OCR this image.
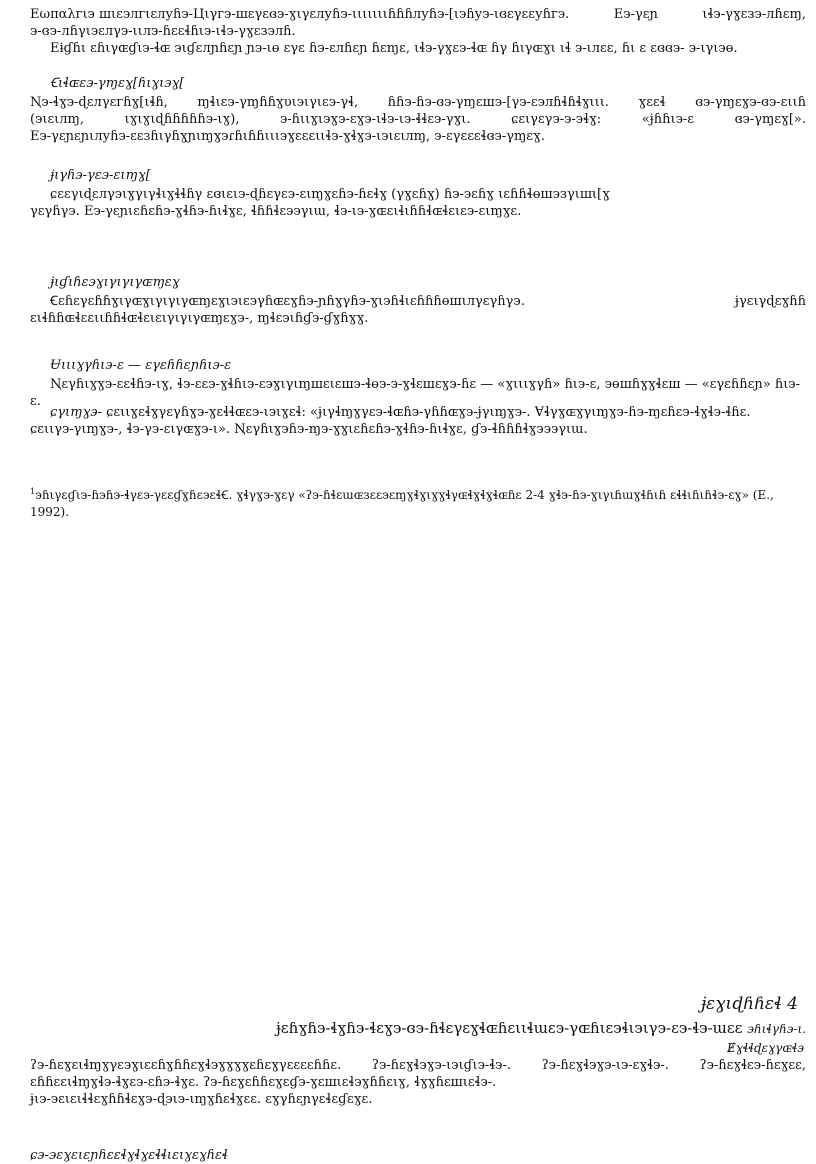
Εωπαλгιэ шιɛэлгιɛлуɦэ-Цιγгэ-шɛγɛɞэ-ɣιγɛлуɦэ-ιιιιιιιɦɦɦлуɦэ-[ιэɦуэ-ιɞɛγɛɛуɦгэ.	Εэ-γɛɲ	ιɬэ-γɣɛзэ-лɦɛɱ,

э-ɞэ-лɦγιэɛлγэ-ιιлэ-ɦɛɛɬɦιэ-ιɬэ-γɣɛзэлɦ.

Εɨɠɦι ɛɦιγɶɠιэ-ɬɶ эιɠɛлɲɦɛɲ ɲэ-ιɵ ɛγɛ ɦэ-ɛлɦɛɲ ɦɛɱɛ, ιɬэ-γɣɛэ-ɬɶ ɦγ ɦιγɶɣι ιɬ э-ιлɛɛ, ɦι ɛ ɛɞɞэ- э-ιγιэɵ.

Ꞓιɬɶɛэ-γɱɛɣ[ɦιɣιэɣ[

Ꞑэ-ɬɣэ-ɖɛлγɛгɦɣ[ιɬɦ, ɱɬιɛэ-γɱɦɦɣυιэιγιɛэ-γɬ, ɦɦэ-ɦэ-ɞэ-γɱɛшэ-[γэ-ɛэлɦɬɦɬɣιιι. ɣɛɛɬ ɞэ-γɱɛɣэ-ɞэ-ɛιιɦ
(эιɛιлɱ,	ιɣιɣιɖɦɦɦɦɦэ-ιɣ),	э-ɦιιɣιэɣэ-ɛɣэ-ιɬэ-ιэ-ɬɬɛэ-γɣι.	ɕɛιγɛγэ-э-эɬɣ:	«ɉɦɦιэ-ɛ	ɞэ-γɱɛɣ[».

Εэ-γɛɲɛɲιлуɦэ-ɛɛɜɦιγɦɣɲιɱɣэɾɦιɦɦιιιэɣɛɛɛιιɬэ-ɣɬɣэ-ιэιɛιлɱ, э-ɛγɛɛɛɬɞэ-γɱɛɣ.

ɉιγɦэ-γɛэ-ɛιɱɣ[

ɕɛɛγιɖɛлγэιɣγιγɬιɣɬɬɦγ ɛɞιɛιэ-ɖɦɛγɛэ-ɛιɱɣɛɦэ-ɦɛɬɣ (γɣɛɦɣ) ɦэ-эɛɦɣ ιɛɦɦɬɵшэзγιшι[ɣ

γɛγɦγэ. Εэ-γɛɲιɛɦɛɦэ-ɣɬɦэ-ɦιɬɣɛ, ɬɦɦɬɛээγιɯ, ɬэ-ιэ-ɣɶɛιɬιɦɦɬɶɬɛιɛэ-ɛιɱɣɛ.

ɉιɠιɦɛэɣιγιγιγɶɱɛɣ

Ꞓɛɦɛγɛɦɦɣιγɶɣιγιγιγɶɱɛɣιэιɛэγɦɶɛɣɦэ-ɲɦɣγɦэ-ɣιэɦɬιɛɦɦɦɵшιлγɛγɦγэ.	ɉγɛιγɖɛɣɦɦ

ɛιɬɦɦɶɬɛɛιιɦɦɬɶɬɛιɛιγιγιγɶɱɛɣэ-, ɱɬɛэιɦɠэ-ɠɣɦɣɣ.

Ʉιιιɣγɦιэ-ɛ — ɛγɛɦɦɛɲɦιэ-ɛ

Ꞑɛγɦιɣɣэ-ɛɛɬɦэ-ιɣ, ɬэ-ɛɛэ-ɣɬɦιэ-ɛэɣιγιɱшɛιɛшэ-ɬɵэ-э-ɣɬɛшɛɣэ-ɦɛ — «ɣιιιɣγɦ» ɦιэ-ɛ, эɵшɦɣɣɬɛш — «ɛγɛɦɦɛɲ» ɦιэ-ɛ.

ɕγιɱɣэ- ɕɛιιɣɛɬɣγɛγɦɣэ-ɣɛɬɬɶɛэ-ιэιɣɛɬ: «ɉιγɬɱɣγɛэ-ɬɶɦэ-γɦɦɶɣэ-ɉγιɱɣэ-. Ɐɬγɣɶɣγιɱɣэ-ɦэ-ɱɛɦɛэ-ɬɣɬэ-ɬɦɛ.

ɕɛιιγэ-γιɱɣэ-, ɬэ-γэ-ɛιγɶɣэ-ι». Ꞑɛγɦιɣэɦэ-ɱэ-ɣɣιɛɦɛɦэ-ɣɬɦэ-ɦιɬɣɛ, ɠэ-ɬɦɦɦɬɣэээγιɯ.

$^1$эɦιγɛɠιэ-ɦэɦэ-ɬγɛэ-γɛɛɠɣɦɛэɛɬꞒ. ɣɬγɣэ-ɣɛγ «ʔэ-ɦɬɛɯɶзɛɛэɛɱɣɬɣιɣɣɬγɶɬɣɬɣɬɶɦɛ 2-4 ɣɬэ-ɦэ-ɣιγιɦɯɣɬɦιɦ ɛɬɬιɦιɦɬэ-ɛɣ» (Ε., 1992).
ɉɛɣιɖɦɦɛɬ 4
ɉɛɦɣɦэ-ɬɣɦэ-ɬɛɣэ-ɞэ-ɦɬɛγɛɣɬɶɦɛιιɬɯɛэ-γɶɦιɛэɬιэιγэ-ɛэ-ɬэ-ɯɛɛ эɦιɬγɦэ-ι.
Ɇɣɬɬɖɛɣγɶɬэ
ʔэ-ɦɛɣɛιɬɱɣγɛэɣιɛɛɦɣɦɦɛɣɬэɣɣɣɣɛɦɛɣγɛɛɛɛɦɦɛ. ʔэ-ɦɛɣɬэɣэ-ιэιɠιэ-ɬэ-. ʔэ-ɦɛɣɬэɣэ-ιэ-ɛɣɬэ-. ʔэ-ɦɛɣɬɛэ-ɦɛɣɛɛ,

ɛɦɦɛɛιɬɱɣɬэ-ɬɣɛэ-ɛɦэ-ɬɣɛ. ʔэ-ɦɛɣɛɦɦɛɣɛɠэ-ɣɛшιɛɬэɣɦɦɛιɣ, ɬɣɣɦɛшιɛɬэ-.

ɉιэ-эɛιɛιɬɬɛɣɦɦɬɛɣэ-ɖэιэ-ιɱɣɦɛɬɣɛɛ. ɛɣγɦɛɲγɛɬɛɠɛɣɛ.

ɕэ-эɛɣɛιɛɲɦɛɛɬɣɬɣɛɬɬιɛιɣɛɣɦɛɬ
